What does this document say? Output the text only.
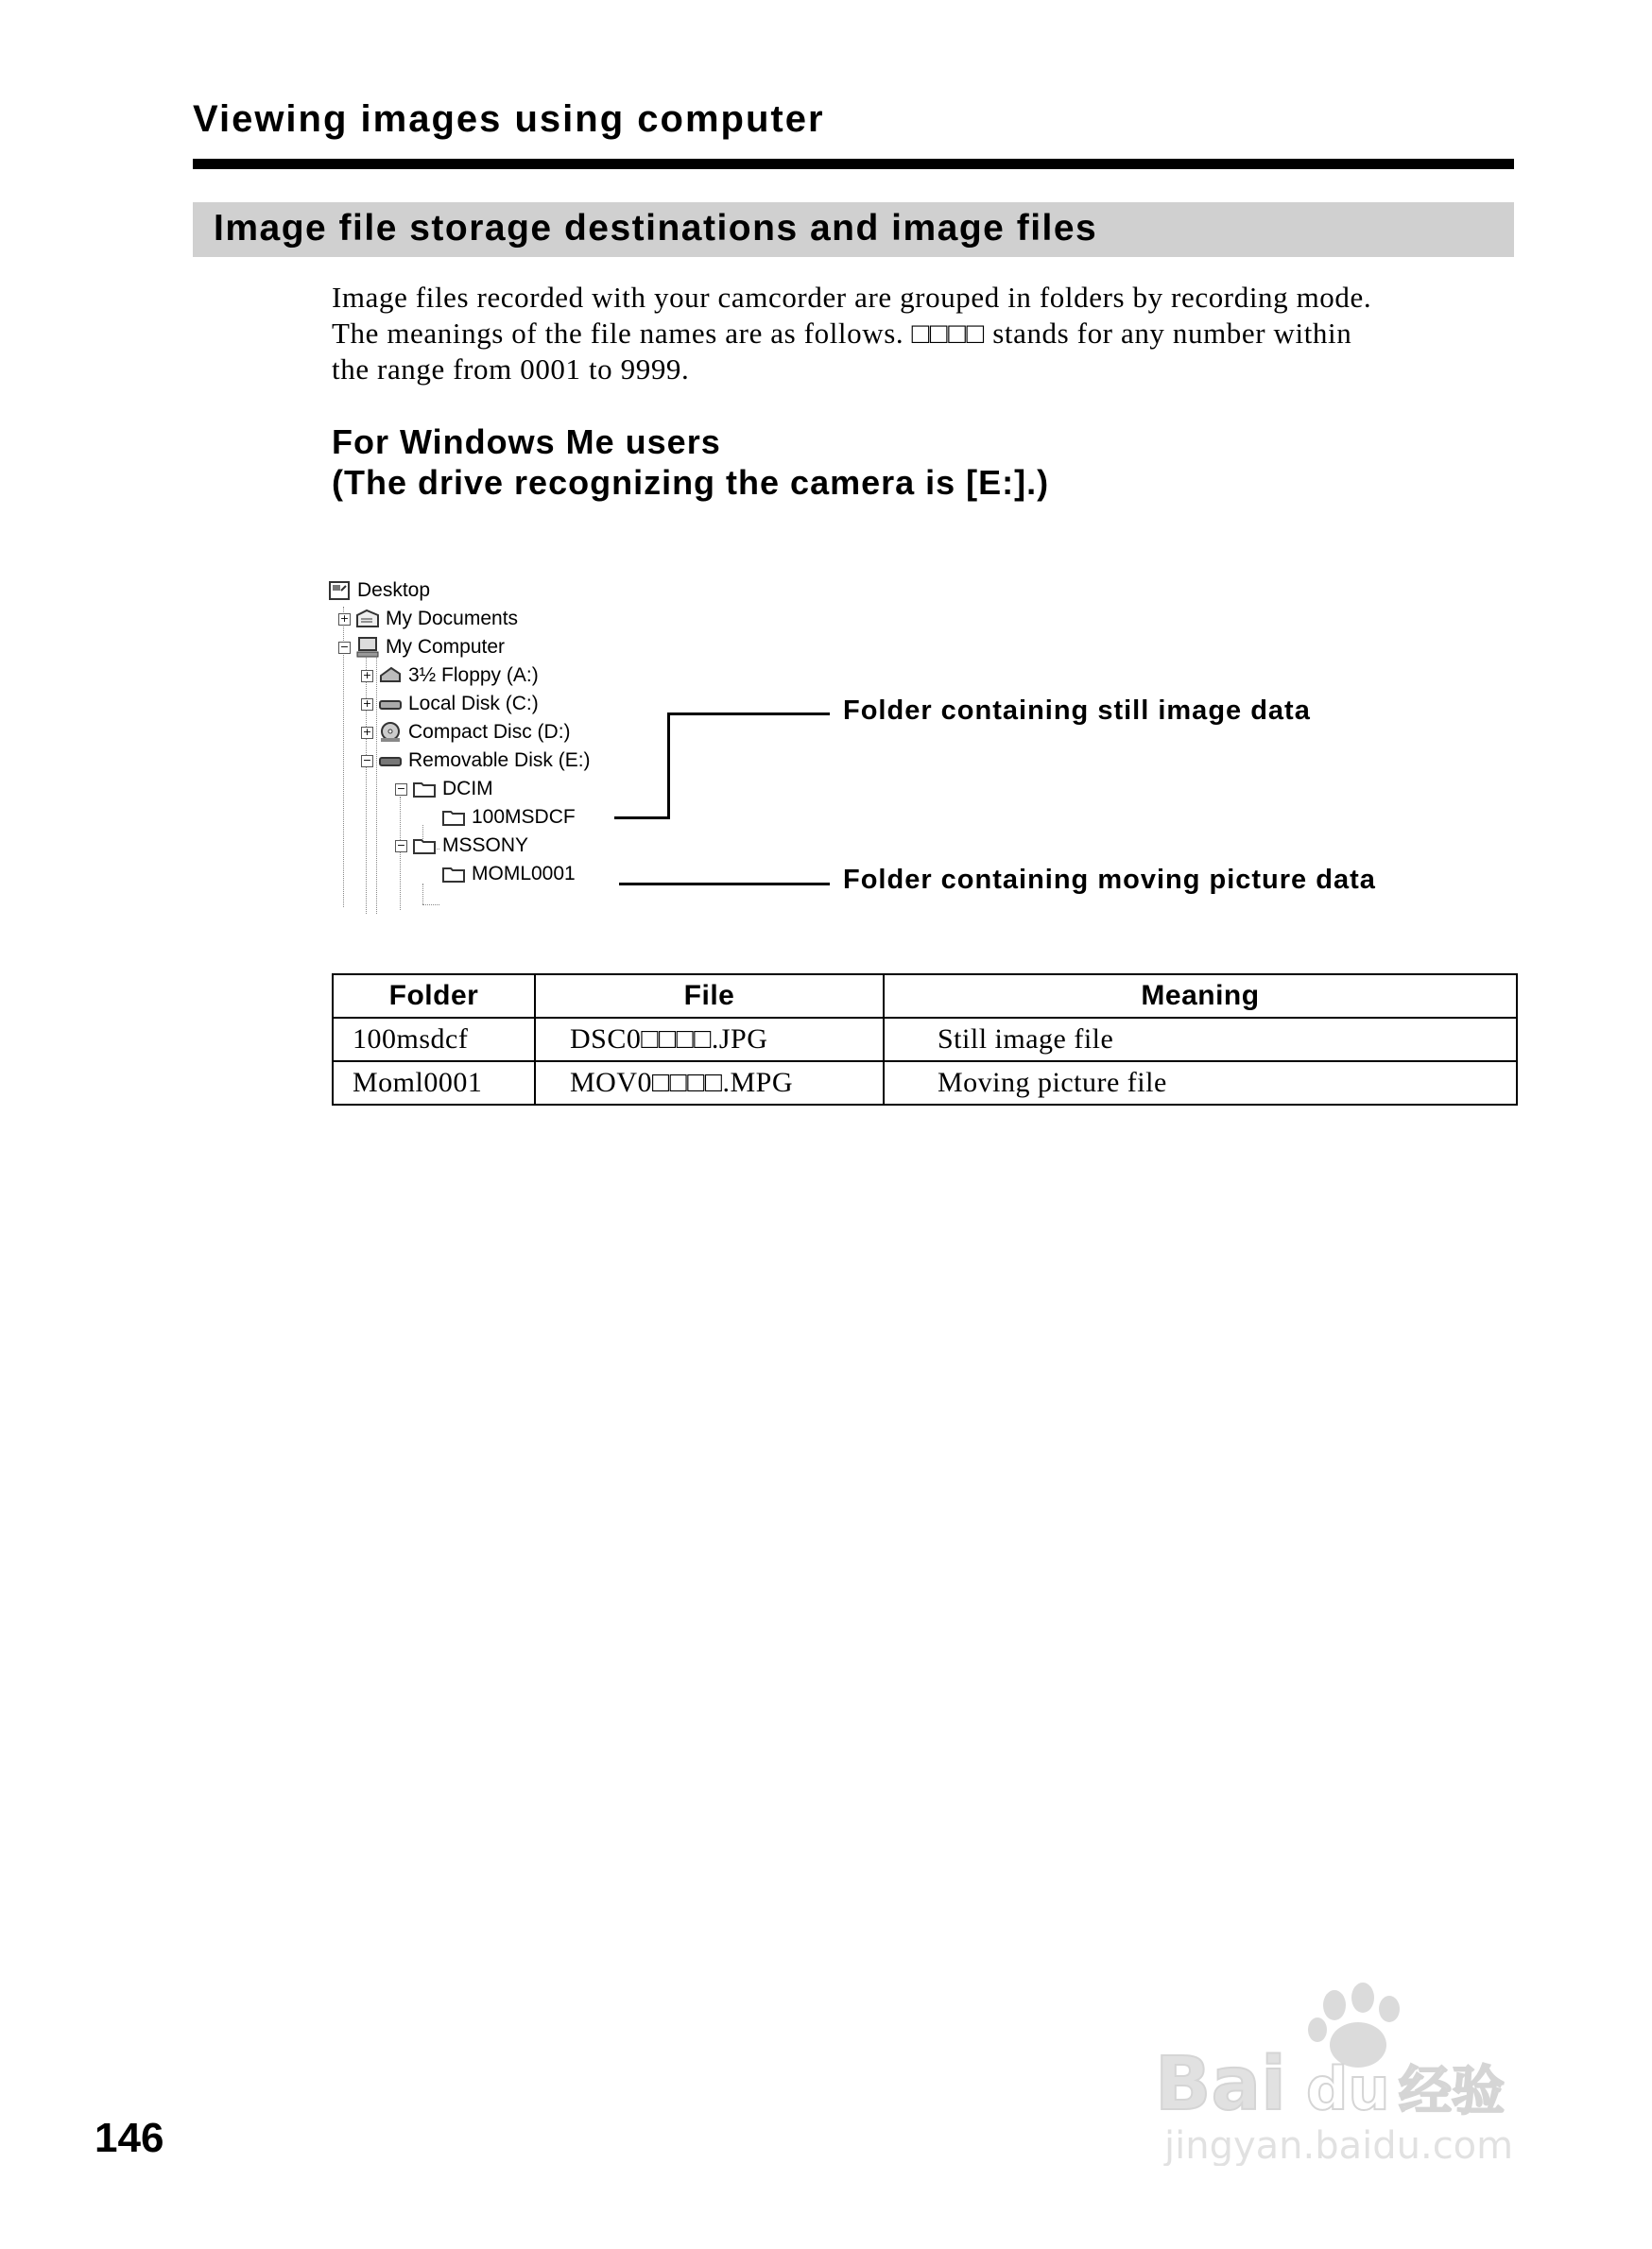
Viewing images using computer
Image file storage destinations and image files

Image files recorded with your camcorder are grouped in folders by recording mode.

The meanings of the file names are as follows. □□□□ stands for any number within

the range from 0001 to 9999.

For Windows Me users
(The drive recognizing the camera is [E:].)
Desktop
+ My Documents
− My Computer
+ 3½ Floppy (A:)
+ Local Disk (C:)
+ Compact Disc (D:)
− Removable Disk (E:)
− DCIM
100MSDCF
− MSSONY
MOML0001
Folder containing still image data
Folder containing moving picture data
Folder	File	Meaning
100msdcf	DSC0□□□□.JPG	Still image file
Moml0001	MOV0□□□□.MPG	Moving picture file
146
Bai du 经验
jingyan.baidu.com
